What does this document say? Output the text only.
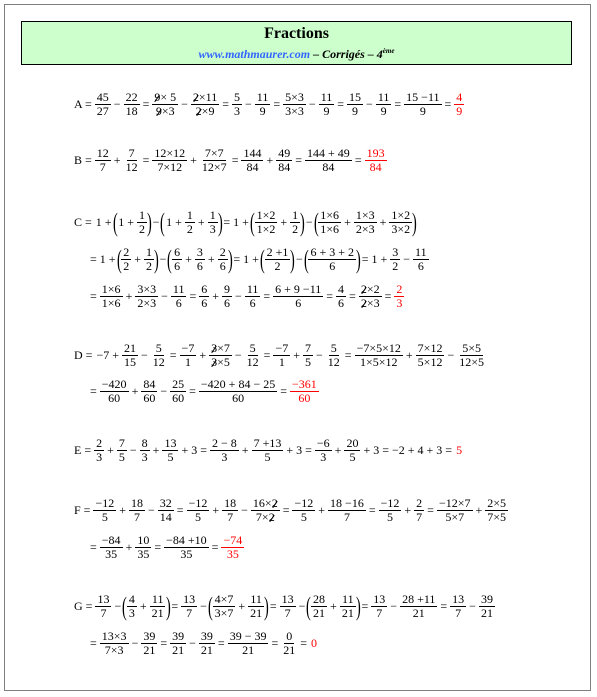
Fractions
www.mathmaurer.com – Corrigés – 4ème
$A = \frac{45}{27} - \frac{22}{18} = \frac{9\times 5}{9\times 3} - \frac{2\times 11}{2\times 9} = \frac{5}{3} - \frac{11}{9} = \frac{5\times 3}{3\times 3} - \frac{11}{9} = \frac{15}{9} - \frac{11}{9} = \frac{15 -11}{9} = \frac{4}{9}$
$B = \frac{12}{7} + \frac{7}{12} = \frac{12\times 12}{7\times 12} + \frac{7\times 7}{12\times 7} = \frac{144}{84} + \frac{49}{84} = \frac{144 + 49}{84} = \frac{193}{84}$
C = 1 + ( $1 + \frac{1}{2}$ ) − ( $1 + \frac{1}{2} + \frac{1}{3}$ ) = 1 + ( $\frac{1\times 2}{1\times 2} + \frac{1}{2}$ ) − ( $\frac{1\times 6}{1\times 6} + \frac{1\times 3}{2\times 3} + \frac{1\times 2}{3\times 2}$ )
= 1 + ( $\frac{2}{2} + \frac{1}{2}$ ) − ( $\frac{6}{6} + \frac{3}{6} + \frac{2}{6}$ ) = 1 + ( $\frac{2 +1}{2}$ ) − ( $\frac{6 + 3 + 2}{6}$ ) = $1 + \frac{3}{2} - \frac{11}{6}$
= $\frac{1\times 6}{1\times 6} + \frac{3\times 3}{2\times 3} - \frac{11}{6} = \frac{6}{6} + \frac{9}{6} - \frac{11}{6} = \frac{6 + 9 -11}{6} = \frac{4}{6} = \frac{2\times 2}{2\times 3} = \frac{2}{3}$
$D = -7 + \frac{21}{15} - \frac{5}{12} = \frac{-7}{1} + \frac{3\times 7}{3\times 5} - \frac{5}{12} = \frac{-7}{1} + \frac{7}{5} - \frac{5}{12} = \frac{-7\times 5\times 12}{1\times 5\times 12} + \frac{7\times 12}{5\times 12} - \frac{5\times 5}{12\times 5}$
= $\frac{-420}{60} + \frac{84}{60} - \frac{25}{60} = \frac{-420 + 84 - 25}{60} = \frac{-361}{60}$
$E = \frac{2}{3} + \frac{7}{5} - \frac{8}{3} + \frac{13}{5} + 3 = \frac{2 - 8}{3} + \frac{7 +13}{5} + 3 = \frac{-6}{3} + \frac{20}{5} + 3 = -2 + 4 + 3 = 5$
$F = \frac{-12}{5} + \frac{18}{7} - \frac{32}{14} = \frac{-12}{5} + \frac{18}{7} - \frac{16\times 2}{7\times 2} = \frac{-12}{5} + \frac{18 -16}{7} = \frac{-12}{5} + \frac{2}{7} = \frac{-12\times 7}{5\times 7} + \frac{2\times 5}{7\times 5}$
= $\frac{-84}{35} + \frac{10}{35} = \frac{-84 +10}{35} = \frac{-74}{35}$
$G = \frac{13}{7}$ − ( $\frac{4}{3} + \frac{11}{21}$ ) = $\frac{13}{7}$ − ( $\frac{4\times 7}{3\times 7} + \frac{11}{21}$ ) = $\frac{13}{7}$ − ( $\frac{28}{21} + \frac{11}{21}$ ) = $\frac{13}{7} - \frac{28 +11}{21} = \frac{13}{7} - \frac{39}{21}$
= $\frac{13\times 3}{7\times 3} - \frac{39}{21} = \frac{39}{21} - \frac{39}{21} = \frac{39 - 39}{21} = \frac{0}{21} = 0$
